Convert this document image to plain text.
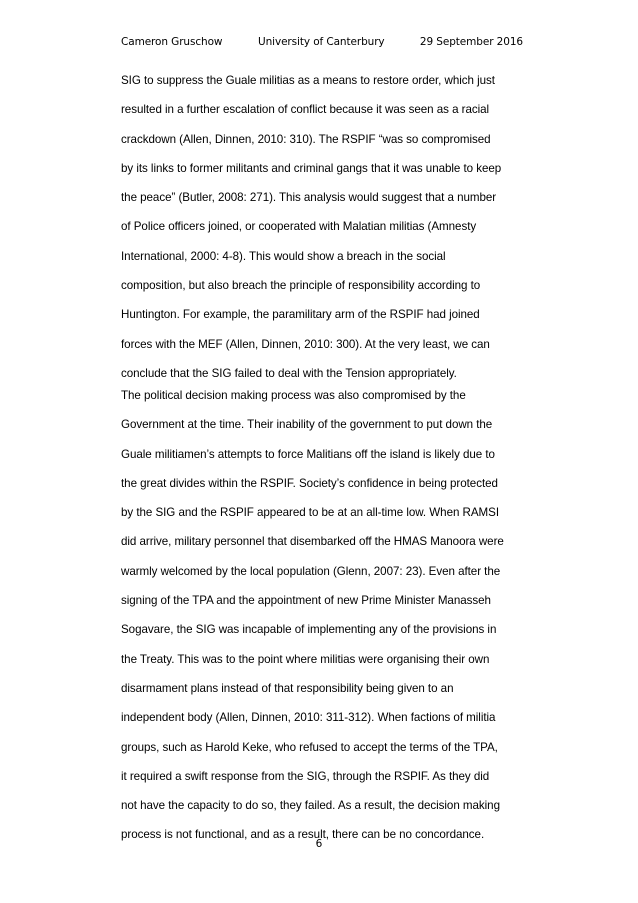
Cameron Gruschow	University of Canterbury	29 September 2016
SIG to suppress the Guale militias as a means to restore order, which just
resulted in a further escalation of conflict because it was seen as a racial
crackdown (Allen, Dinnen, 2010: 310). The RSPIF “was so compromised
by its links to former militants and criminal gangs that it was unable to keep
the peace” (Butler, 2008: 271). This analysis would suggest that a number
of Police officers joined, or cooperated with Malatian militias (Amnesty
International, 2000: 4-8). This would show a breach in the social
composition, but also breach the principle of responsibility according to
Huntington. For example, the paramilitary arm of the RSPIF had joined
forces with the MEF (Allen, Dinnen, 2010: 300). At the very least, we can
conclude that the SIG failed to deal with the Tension appropriately.
The political decision making process was also compromised by the
Government at the time. Their inability of the government to put down the
Guale militiamen’s attempts to force Malitians off the island is likely due to
the great divides within the RSPIF. Society’s confidence in being protected
by the SIG and the RSPIF appeared to be at an all-time low. When RAMSI
did arrive, military personnel that disembarked off the HMAS Manoora were
warmly welcomed by the local population (Glenn, 2007: 23). Even after the
signing of the TPA and the appointment of new Prime Minister Manasseh
Sogavare, the SIG was incapable of implementing any of the provisions in
the Treaty. This was to the point where militias were organising their own
disarmament plans instead of that responsibility being given to an
independent body (Allen, Dinnen, 2010: 311-312). When factions of militia
groups, such as Harold Keke, who refused to accept the terms of the TPA,
it required a swift response from the SIG, through the RSPIF. As they did
not have the capacity to do so, they failed. As a result, the decision making
process is not functional, and as a result, there can be no concordance.
6
